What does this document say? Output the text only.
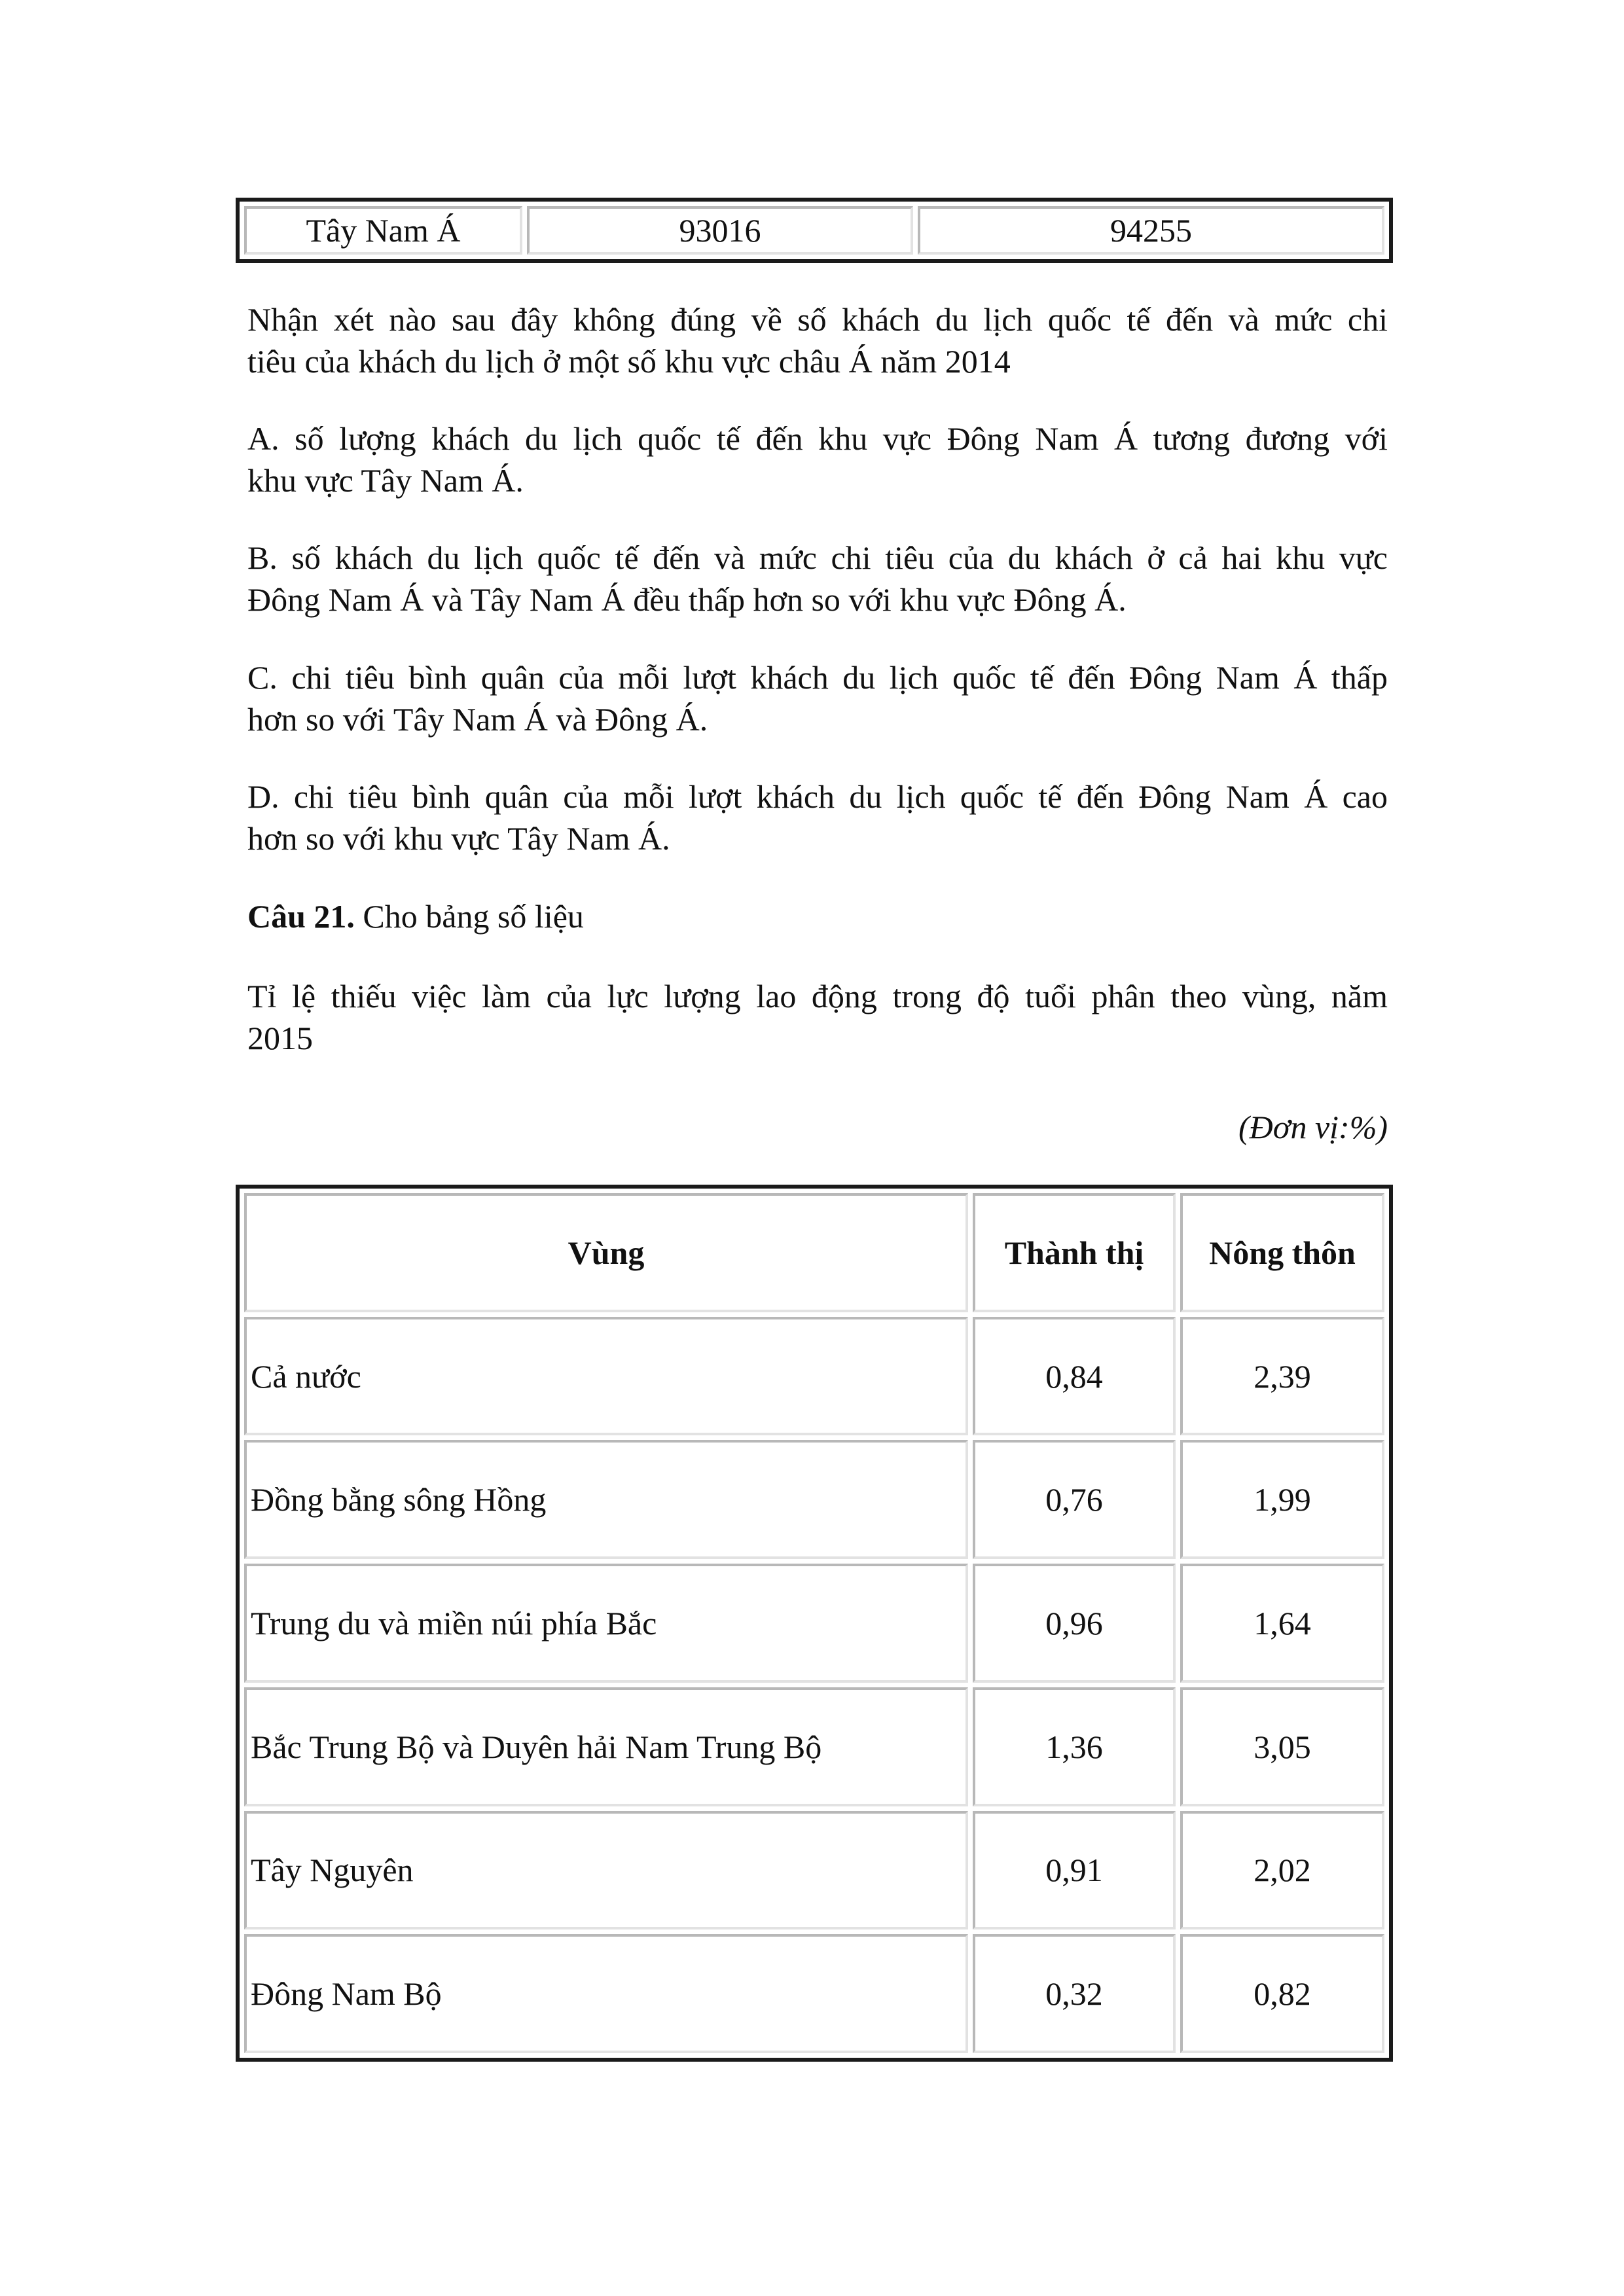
Tây Nam Á	93016	94255

Nhận xét nào sau đây không đúng về số khách du lịch quốc tế đến và mức chi
tiêu của khách du lịch ở một số khu vực châu Á năm 2014

A. số lượng khách du lịch quốc tế đến khu vực Đông Nam Á tương đương với
khu vực Tây Nam Á.

B. số khách du lịch quốc tế đến và mức chi tiêu của du khách ở cả hai khu vực
Đông Nam Á và Tây Nam Á đều thấp hơn so với khu vực Đông Á.

C. chi tiêu bình quân của mỗi lượt khách du lịch quốc tế đến Đông Nam Á thấp
hơn so với Tây Nam Á và Đông Á.

D. chi tiêu bình quân của mỗi lượt khách du lịch quốc tế đến Đông Nam Á cao
hơn so với khu vực Tây Nam Á.

Câu 21. Cho bảng số liệu

Tỉ lệ thiếu việc làm của lực lượng lao động trong độ tuổi phân theo vùng, năm
2015

(Đơn vị:%)
Vùng	Thành thị	Nông thôn
Cả nước	0,84	2,39
Đồng bằng sông Hồng	0,76	1,99
Trung du và miền núi phía Bắc	0,96	1,64
Bắc Trung Bộ và Duyên hải Nam Trung Bộ	1,36	3,05
Tây Nguyên	0,91	2,02
Đông Nam Bộ	0,32	0,82
